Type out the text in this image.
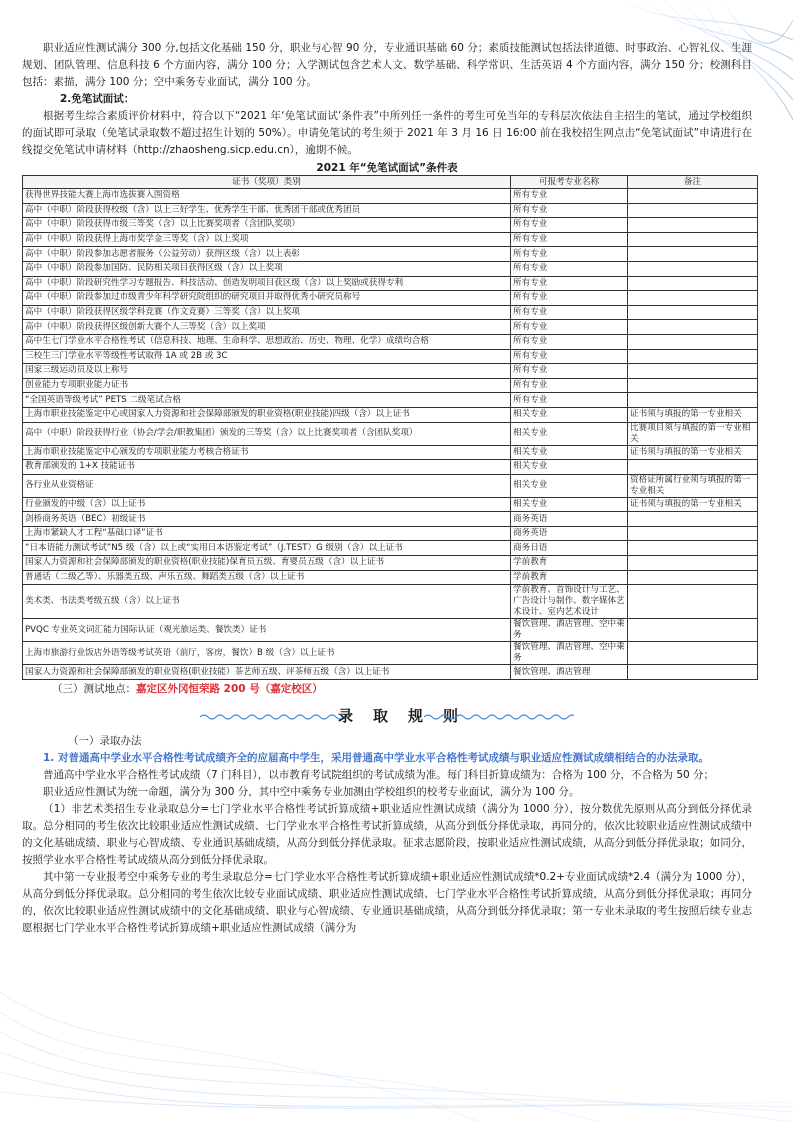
职业适应性测试满分 300 分,包括文化基础 150 分，职业与心智 90 分，专业通识基础 60 分；素质技能测试包括法律道德、时事政治、心智礼仪、生涯规划、团队管理、信息科技 6 个方面内容，满分 100 分；入学测试包含艺术人文、数学基础、科学常识、生活英语 4 个方面内容，满分 150 分；校测科目包括：素描，满分 100 分；空中乘务专业面试，满分 100 分。

2.免笔试面试：

根据考生综合素质评价材料中，符合以下“2021 年‘免笔试面试’条件表”中所列任一条件的考生可免当年的专科层次依法自主招生的笔试，通过学校组织的面试即可录取（免笔试录取数不超过招生计划的 50%）。申请免笔试的考生须于 2021 年 3 月 16 日 16:00 前在我校招生网点击“免笔试面试”申请进行在线提交免笔试申请材料（http://zhaosheng.sicp.edu.cn），逾期不候。

2021 年“免笔试面试”条件表
证书（奖项）类别	可报考专业名称	备注
获得世界技能大赛上海市选拔赛入围资格	所有专业	
高中（中职）阶段获得校级（含）以上三好学生、优秀学生干部、优秀团干部或优秀团员	所有专业	
高中（中职）阶段获得市级三等奖（含）以上比赛奖项者（含团队奖项）	所有专业	
高中（中职）阶段获得上海市奖学金三等奖（含）以上奖项	所有专业	
高中（中职）阶段参加志愿者服务（公益劳动）获得区级（含）以上表彰	所有专业	
高中（中职）阶段参加国防、民防相关项目获得区级（含）以上奖项	所有专业	
高中（中职）阶段研究性学习专题报告、科技活动、创造发明项目获区级（含）以上奖励或获得专利	所有专业	
高中（中职）阶段参加过市级青少年科学研究院组织的研究项目并取得优秀小研究员称号	所有专业	
高中（中职）阶段获得区级学科竞赛（作文竞赛）三等奖（含）以上奖项	所有专业	
高中（中职）阶段获得区级创新大赛个人三等奖（含）以上奖项	所有专业	
高中生七门学业水平合格性考试（信息科技、地理、生命科学、思想政治、历史、物理、化学）成绩均合格	所有专业	
三校生三门学业水平等级性考试取得 1A 或 2B 或 3C	所有专业	
国家三级运动员及以上称号	所有专业	
创业能力专项职业能力证书	所有专业	
“全国英语等级考试” PETS 二级笔试合格	所有专业	
上海市职业技能鉴定中心或国家人力资源和社会保障部颁发的职业资格(职业技能)四级（含）以上证书	相关专业	证书须与填报的第一专业相关
高中（中职）阶段获得行业（协会/学会/职教集团）颁发的三等奖（含）以上比赛奖项者（含团队奖项）	相关专业	比赛项目须与填报的第一专业相关
上海市职业技能鉴定中心颁发的专项职业能力考核合格证书	相关专业	证书须与填报的第一专业相关
教育部颁发的 1+X 技能证书	相关专业	
各行业从业资格证	相关专业	资格证所属行业须与填报的第一专业相关
行业颁发的中级（含）以上证书	相关专业	证书须与填报的第一专业相关
剑桥商务英语（BEC）初级证书	商务英语	
上海市紧缺人才工程“基础口译”证书	商务英语	
“日本语能力测试考试”N5 级（含）以上或“实用日本语鉴定考试”（J.TEST）G 级别（含）以上证书	商务日语	
国家人力资源和社会保障部颁发的职业资格(职业技能)保育员五级、育婴员五级（含）以上证书	学前教育	
普通话（二级乙等）、乐器类五级、声乐五级、舞蹈类五级（含）以上证书	学前教育	
美术类、书法类考级五级（含）以上证书	学前教育、首饰设计与工艺、广告设计与制作、数字媒体艺术设计、室内艺术设计	
PVQC 专业英文词汇能力国际认证（观光旅运类、餐饮类）证书	餐饮管理、酒店管理、空中乘务	
上海市旅游行业饭店外语等级考试英语（前厅，客房，餐饮）B 级（含）以上证书	餐饮管理、酒店管理、空中乘务	
国家人力资源和社会保障部颁发的职业资格(职业技能）茶艺师五级、评茶师五级（含）以上证书	餐饮管理、酒店管理	

（三）测试地点：嘉定区外冈恒荣路 200 号（嘉定校区）

录取规则

（一）录取办法

1. 对普通高中学业水平合格性考试成绩齐全的应届高中学生，采用普通高中学业水平合格性考试成绩与职业适应性测试成绩相结合的办法录取。

普通高中学业水平合格性考试成绩（7 门科目），以市教育考试院组织的考试成绩为准。每门科目折算成绩为：合格为 100 分，不合格为 50 分；

职业适应性测试为统一命题，满分为 300 分，其中空中乘务专业加测由学校组织的校考专业面试，满分为 100 分。

（1）非艺术类招生专业录取总分=七门学业水平合格性考试折算成绩+职业适应性测试成绩（满分为 1000 分），按分数优先原则从高分到低分择优录取。总分相同的考生依次比较职业适应性测试成绩、七门学业水平合格性考试折算成绩，从高分到低分择优录取，再同分的，依次比较职业适应性测试成绩中的文化基础成绩、职业与心智成绩、专业通识基础成绩，从高分到低分择优录取。征求志愿阶段，按职业适应性测试成绩，从高分到低分择优录取；如同分，按照学业水平合格性考试成绩从高分到低分择优录取。

其中第一专业报考空中乘务专业的考生录取总分=七门学业水平合格性考试折算成绩+职业适应性测试成绩*0.2+专业面试成绩*2.4（满分为 1000 分），从高分到低分择优录取。总分相同的考生依次比较专业面试成绩、职业适应性测试成绩、七门学业水平合格性考试折算成绩，从高分到低分择优录取；再同分的，依次比较职业适应性测试成绩中的文化基础成绩、职业与心智成绩、专业通识基础成绩，从高分到低分择优录取；第一专业未录取的考生按照后续专业志愿根据七门学业水平合格性考试折算成绩+职业适应性测试成绩（满分为
